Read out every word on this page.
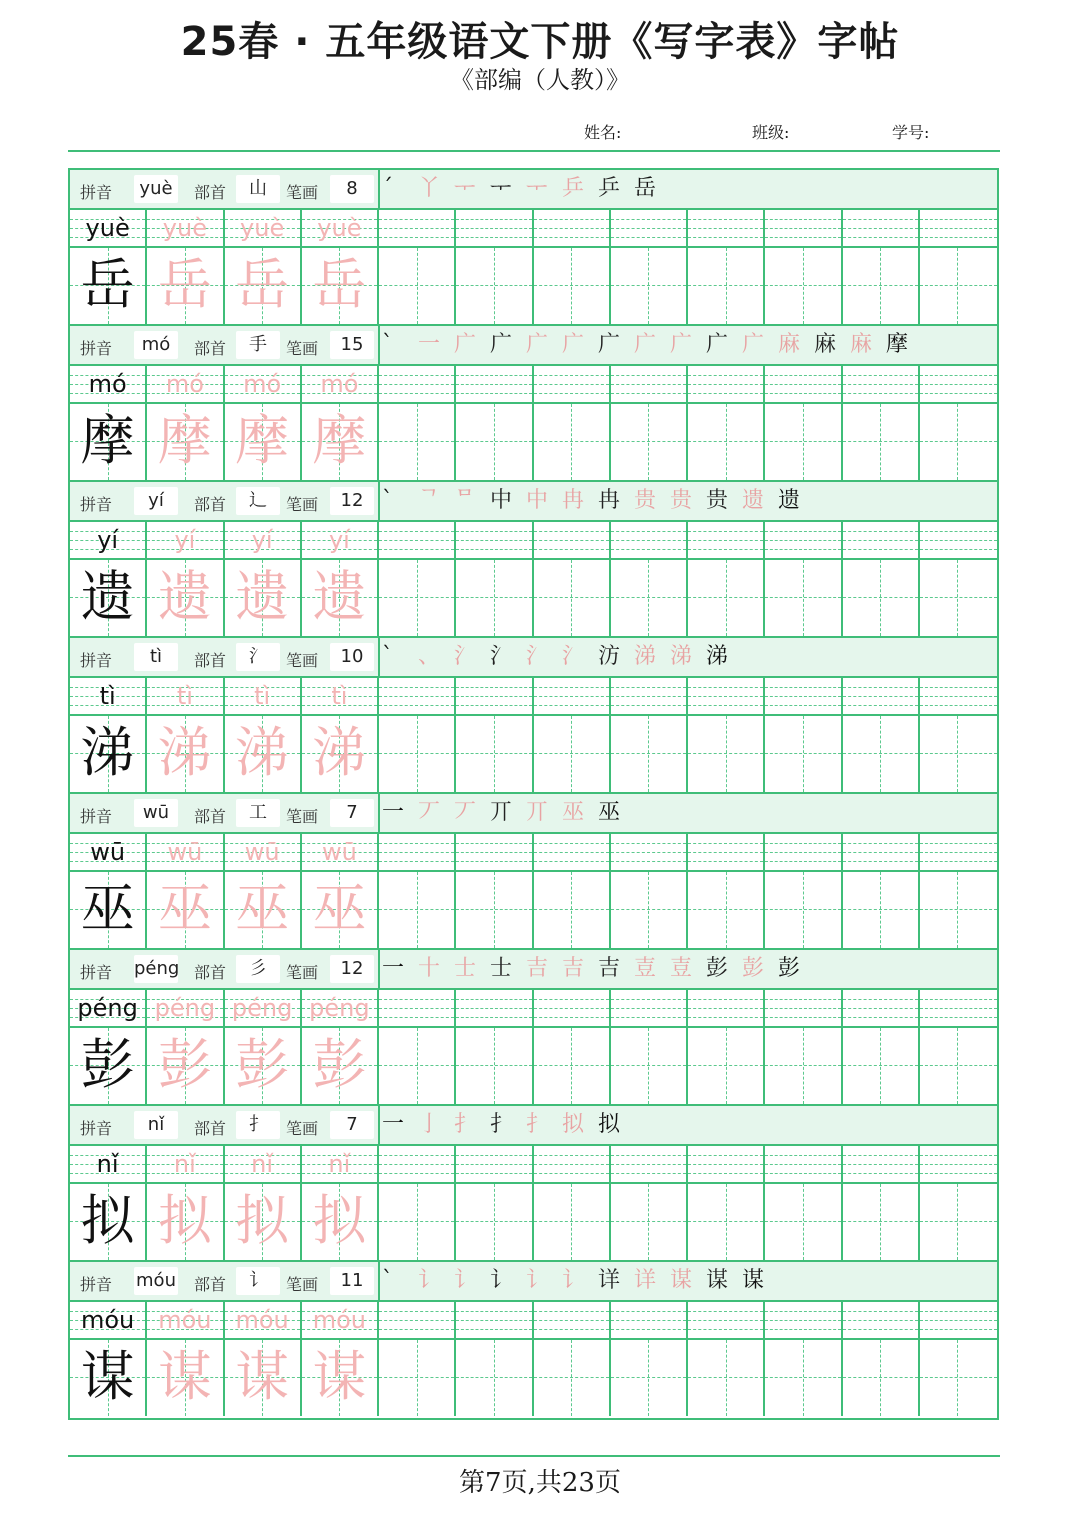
25春 · 五年级语文下册《写字表》字帖
《部编（人教）》
姓名:	班级:	学号:
拼音	yuè	部首	山	笔画	8	ˊ 丫 ᅮ ᅮ ᅮ 乒 乒 岳
yuè	yuè	yuè	yuè
岳 岳 岳 岳
拼音	mó	部首	手	笔画	15 ` 一 广 广 广 广 广 广 广 广 广 麻 麻 麻 摩
mó	mó	mó	mó
摩 摩 摩 摩
拼音	yí	部首	辶	笔画	12 ` ᄀ ᄆ 中 中 冉 冉 贵 贵 贵 遗 遗
yí	yí	yí	yí
遗 遗 遗 遗
拼音	tì	部首	氵	笔画	10 ` 、 氵 氵 氵 氵 汸 涕 涕 涕
tì	tì	tì	tì
涕 涕 涕 涕
拼音	wū	部首	工	笔画	7	一 丆 丆 丌 丌 巫 巫
wū	wū	wū	wū
巫 巫 巫 巫
拼音 péng 部首	彡	笔画	12 一 十 士 士 吉 吉 吉 壴 壴 彭 彭 彭
péng péng péng péng
彭 彭 彭 彭
拼音	nǐ	部首	扌	笔画	7	一 亅 扌 扌 扌 拟 拟
nǐ	nǐ	nǐ	nǐ
拟 拟 拟 拟
拼音 móu 部首	讠	笔画	11 ` 讠 讠 讠 讠 讠 详 详 谋 谋 谋
móu móu móu móu
谋 谋 谋 谋
第7页,共23页
